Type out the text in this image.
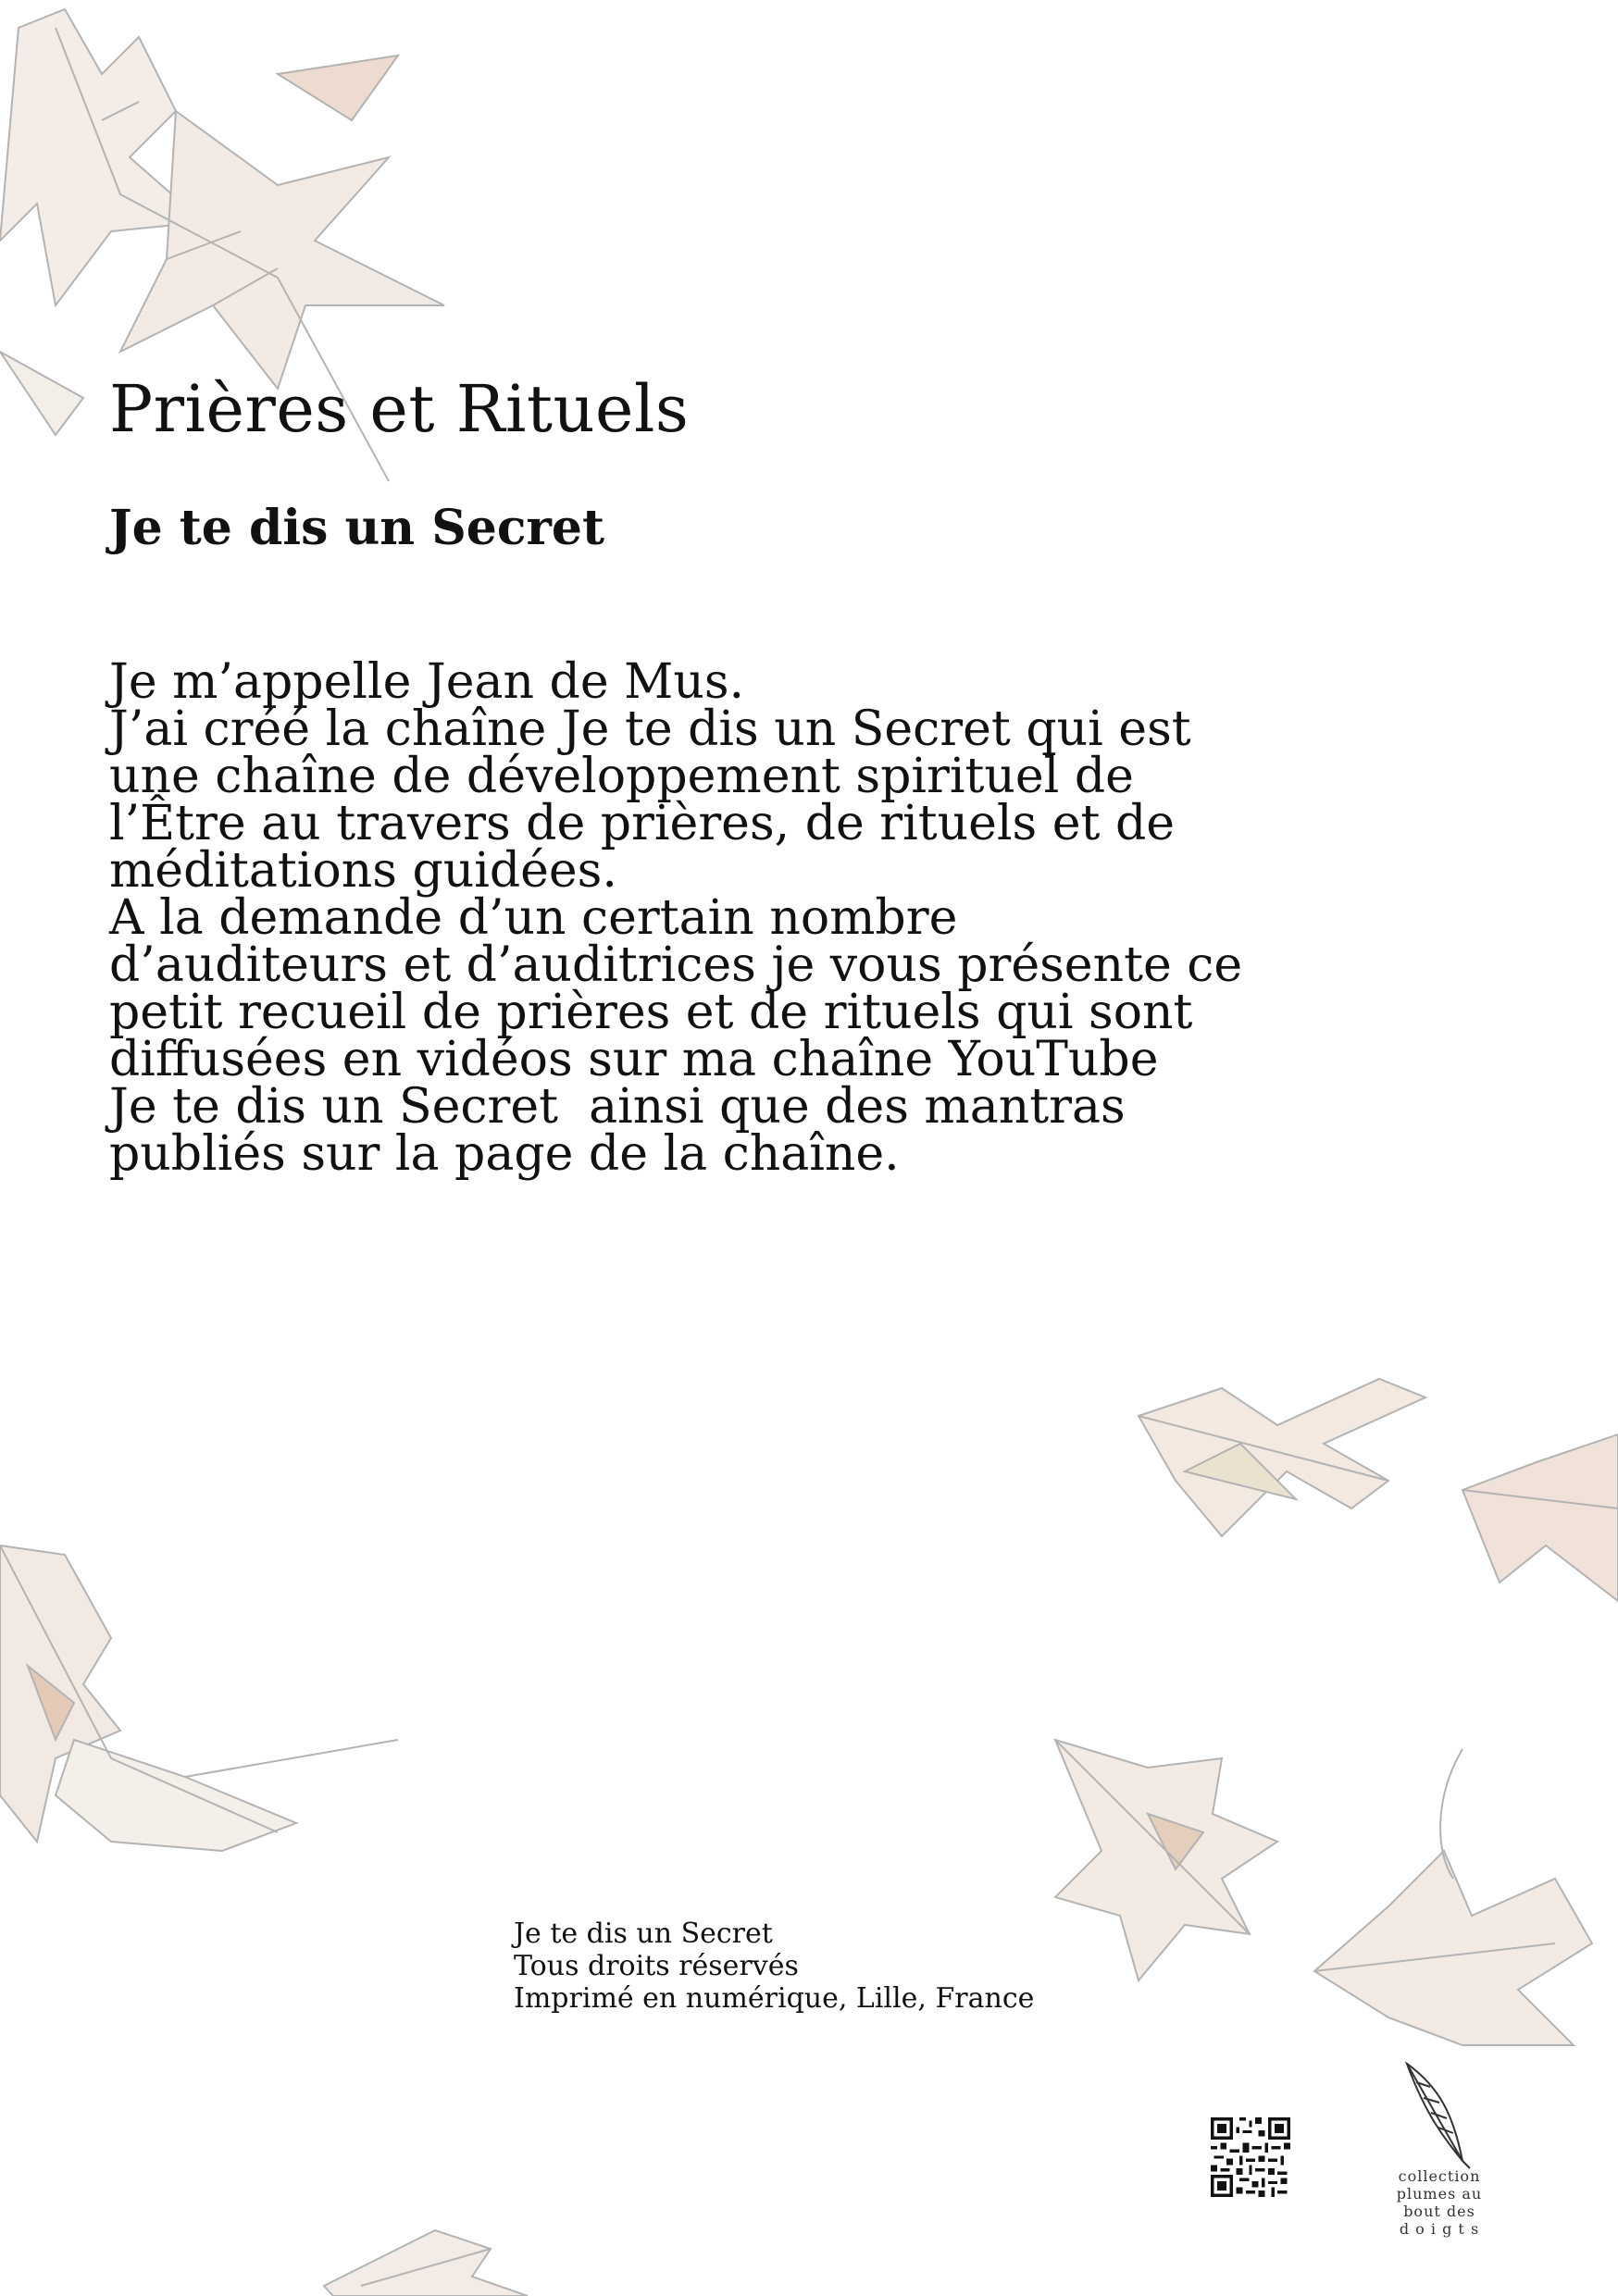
Prières et Rituels
Je te dis un Secret

Je m’appelle Jean de Mus.

J’ai créé la chaîne Je te dis un Secret qui est

une chaîne de développement spirituel de

l’Être au travers de prières, de rituels et de

méditations guidées.

A la demande d’un certain nombre

d’auditeurs et d’auditrices je vous présente ce

petit recueil de prières et de rituels qui sont

diffusées en vidéos sur ma chaîne YouTube

Je te dis un Secret  ainsi que des mantras

publiés sur la page de la chaîne.

Je te dis un Secret
Tous droits réservés
Imprimé en numérique, Lille, France
collection
plumes au
bout des
d o i g t s
